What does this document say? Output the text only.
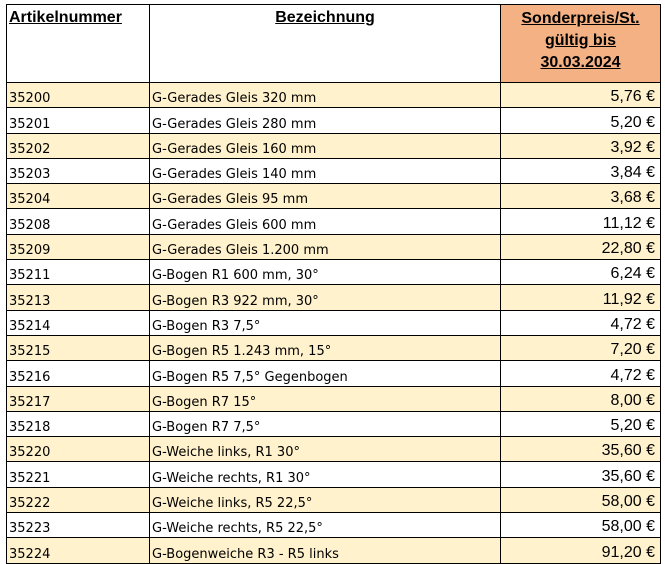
Artikelnummer	Bezeichnung	Sonderpreis/St.
gültig bis
30.03.2024
35200	G-Gerades Gleis 320 mm	5,76 €
35201	G-Gerades Gleis 280 mm	5,20 €
35202	G-Gerades Gleis 160 mm	3,92 €
35203	G-Gerades Gleis 140 mm	3,84 €
35204	G-Gerades Gleis 95 mm	3,68 €
35208	G-Gerades Gleis 600 mm	11,12 €
35209	G-Gerades Gleis 1.200 mm	22,80 €
35211	G-Bogen R1 600 mm, 30°	6,24 €
35213	G-Bogen R3 922 mm, 30°	11,92 €
35214	G-Bogen R3 7,5°	4,72 €
35215	G-Bogen R5 1.243 mm, 15°	7,20 €
35216	G-Bogen R5 7,5° Gegenbogen	4,72 €
35217	G-Bogen R7 15°	8,00 €
35218	G-Bogen R7 7,5°	5,20 €
35220	G-Weiche links, R1 30°	35,60 €
35221	G-Weiche rechts, R1 30°	35,60 €
35222	G-Weiche links, R5 22,5°	58,00 €
35223	G-Weiche rechts, R5 22,5°	58,00 €
35224	G-Bogenweiche R3 - R5 links	91,20 €
